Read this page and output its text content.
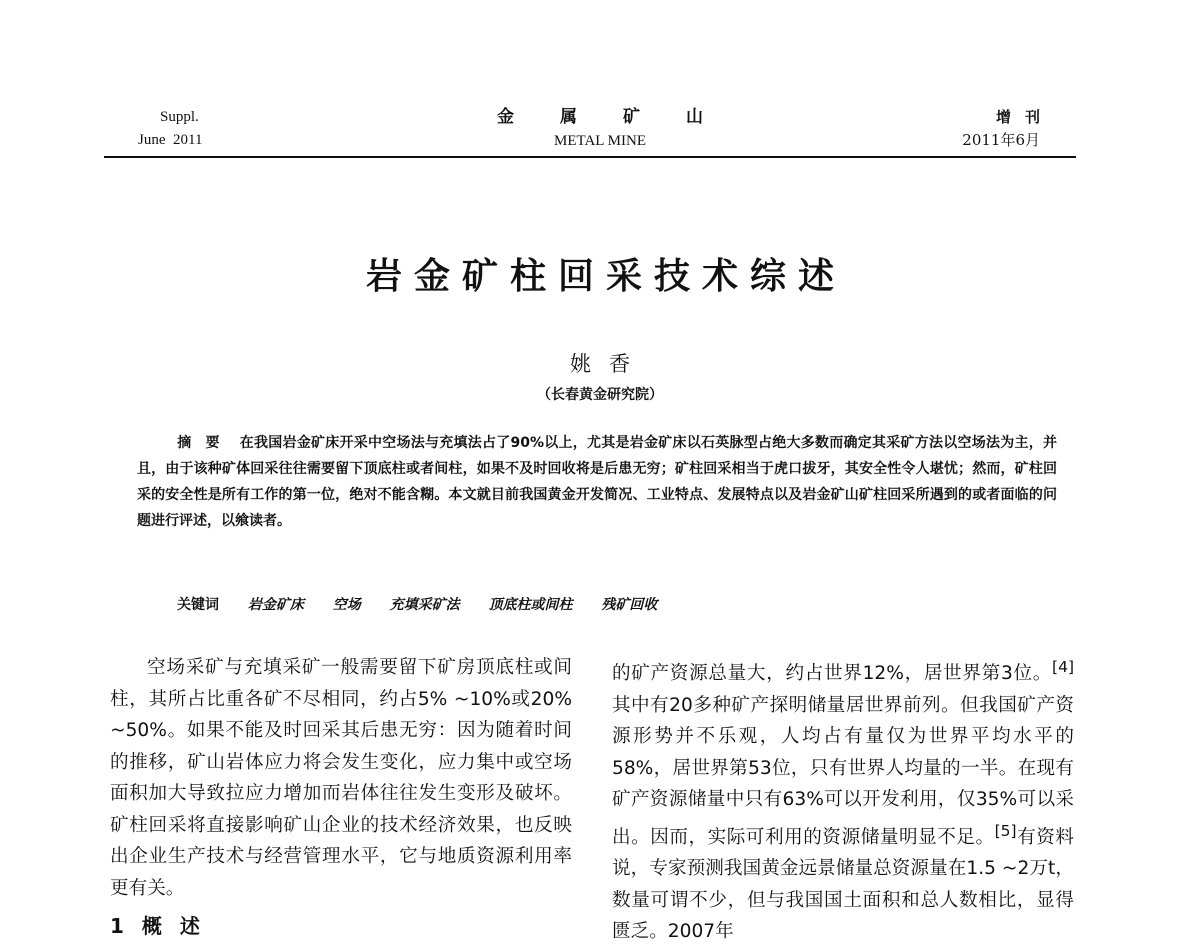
Suppl.
June  2011
金属矿山
METAL MINE
增刊
2011年6月
岩金矿柱回采技术综述
姚香
（长春黄金研究院）
摘要 在我国岩金矿床开采中空场法与充填法占了90%以上，尤其是岩金矿床以石英脉型占绝大多数而确定其采矿方法以空场法为主，并且，由于该种矿体回采往往需要留下顶底柱或者间柱，如果不及时回收将是后患无穷；矿柱回采相当于虎口拔牙，其安全性令人堪忧；然而，矿柱回采的安全性是所有工作的第一位，绝对不能含糊。本文就目前我国黄金开发简况、工业特点、发展特点以及岩金矿山矿柱回采所遇到的或者面临的问题进行评述，以飨读者。
关键词 岩金矿床 空场 充填采矿法 顶底柱或间柱 残矿回收

空场采矿与充填采矿一般需要留下矿房顶底柱或间柱，其所占比重各矿不尽相同，约占5% ~10%或20% ~50%。如果不能及时回采其后患无穷：因为随着时间的推移，矿山岩体应力将会发生变化，应力集中或空场面积加大导致拉应力增加而岩体往往发生变形及破坏。矿柱回采将直接影响矿山企业的技术经济效果，也反映出企业生产技术与经营管理水平，它与地质资源利用率更有关。

1 概述

的矿产资源总量大，约占世界12%，居世界第3位。[4]其中有20多种矿产探明储量居世界前列。但我国矿产资源形势并不乐观，人均占有量仅为世界平均水平的58%，居世界第53位，只有世界人均量的一半。在现有矿产资源储量中只有63%可以开发利用，仅35%可以采出。因而，实际可利用的资源储量明显不足。[5]有资料说，专家预测我国黄金远景储量总资源量在1.5 ~2万t，数量可谓不少，但与我国国土面积和总人数相比，显得匮乏。2007年
